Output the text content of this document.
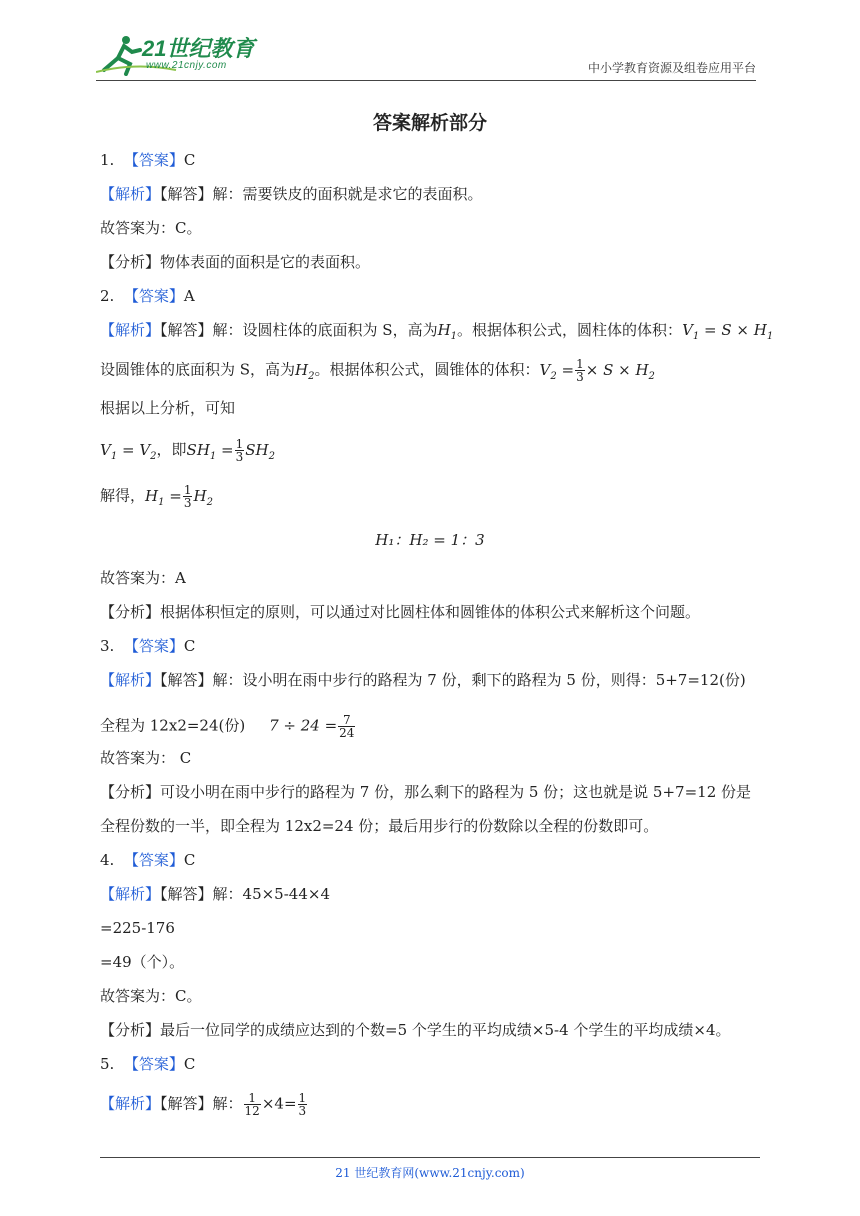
21世纪教育
www.21cnjy.com	中小学教育资源及组卷应用平台
答案解析部分
1. 【答案】C
【解析】【解答】解：需要铁皮的面积就是求它的表面积。
故答案为：C。
【分析】物体表面的面积是它的表面积。
2. 【答案】A
【解析】【解答】解：设圆柱体的底面积为 S，高为$H_1$。根据体积公式，圆柱体的体积：$V_1 = S \times H_1$
设圆锥体的底面积为 S，高为$H_2$。根据体积公式，圆锥体的体积：$V_2 = \frac{1}{3} \times S \times H_2$
根据以上分析，可知
$V_1 = V_2$，即$SH_1 = \frac{1}{3} SH_2$
解得，$H_1 = \frac{1}{3} H_2$
H₁：H₂ = 1：3
故答案为：A
【分析】根据体积恒定的原则，可以通过对比圆柱体和圆锥体的体积公式来解析这个问题。
3. 【答案】C
【解析】【解答】解：设小明在雨中步行的路程为 7 份，剩下的路程为 5 份，则得：5+7=12(份)
全程为 12x2=24(份) $7 \div 24 = \frac{7}{24}$
故答案为： C
【分析】可设小明在雨中步行的路程为 7 份，那么剩下的路程为 5 份；这也就是说 5+7=12 份是
全程份数的一半，即全程为 12x2=24 份；最后用步行的份数除以全程的份数即可。
4. 【答案】C
【解析】【解答】解：45×5-44×4
=225-176
=49（个）。
故答案为：C。
【分析】最后一位同学的成绩应达到的个数=5 个学生的平均成绩×5-4 个学生的平均成绩×4。
5. 【答案】C
【解析】【解答】解： $\frac{1}{12} \times 4= \frac{1}{3}$
21 世纪教育网(www.21cnjy.com)
